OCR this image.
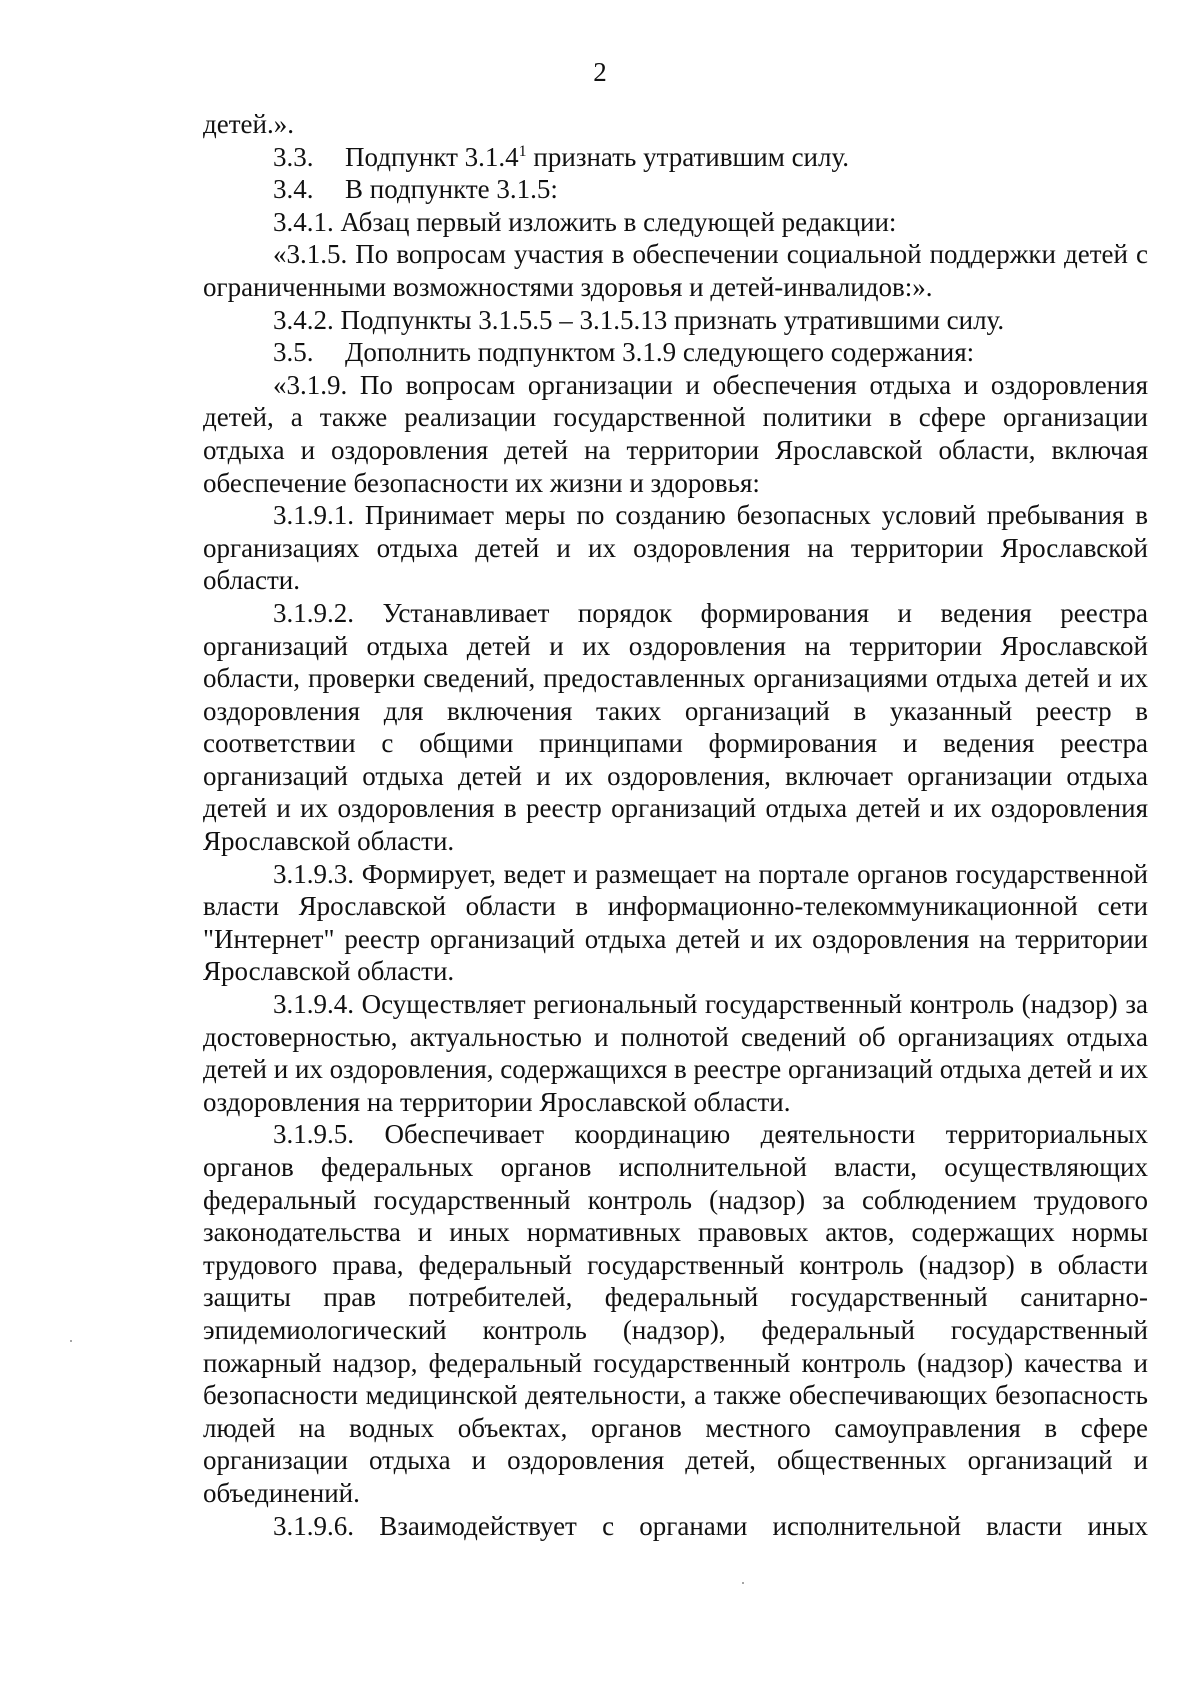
2

детей.».

3.3. Подпункт 3.1.4$^1$ признать утратившим силу.

3.4. В подпункте 3.1.5:

3.4.1. Абзац первый изложить в следующей редакции:

«3.1.5. По вопросам участия в обеспечении социальной поддержки детей с ограниченными возможностями здоровья и детей-инвалидов:».

3.4.2. Подпункты 3.1.5.5 – 3.1.5.13 признать утратившими силу.

3.5. Дополнить подпунктом 3.1.9 следующего содержания:

«3.1.9. По вопросам организации и обеспечения отдыха и оздоровления детей, а также реализации государственной политики в сфере организации отдыха и оздоровления детей на территории Ярославской области, включая обеспечение безопасности их жизни и здоровья:

3.1.9.1. Принимает меры по созданию безопасных условий пребывания в организациях отдыха детей и их оздоровления на территории Ярославской области.

3.1.9.2. Устанавливает порядок формирования и ведения реестра организаций отдыха детей и их оздоровления на территории Ярославской области, проверки сведений, предоставленных организациями отдыха детей и их оздоровления для включения таких организаций в указанный реестр в соответствии с общими принципами формирования и ведения реестра организаций отдыха детей и их оздоровления, включает организации отдыха детей и их оздоровления в реестр организаций отдыха детей и их оздоровления Ярославской области.

3.1.9.3. Формирует, ведет и размещает на портале органов государственной власти Ярославской области в информационно-телекоммуникационной сети "Интернет" реестр организаций отдыха детей и их оздоровления на территории Ярославской области.

3.1.9.4. Осуществляет региональный государственный контроль (надзор) за достоверностью, актуальностью и полнотой сведений об организациях отдыха детей и их оздоровления, содержащихся в реестре организаций отдыха детей и их оздоровления на территории Ярославской области.

3.1.9.5. Обеспечивает координацию деятельности территориальных органов федеральных органов исполнительной власти, осуществляющих федеральный государственный контроль (надзор) за соблюдением трудового законодательства и иных нормативных правовых актов, содержащих нормы трудового права, федеральный государственный контроль (надзор) в области защиты прав потребителей, федеральный государственный санитарно-эпидемиологический контроль (надзор), федеральный государственный пожарный надзор, федеральный государственный контроль (надзор) качества и безопасности медицинской деятельности, а также обеспечивающих безопасность людей на водных объектах, органов местного самоуправления в сфере организации отдыха и оздоровления детей, общественных организаций и объединений.

3.1.9.6. Взаимодействует с органами исполнительной власти иных
